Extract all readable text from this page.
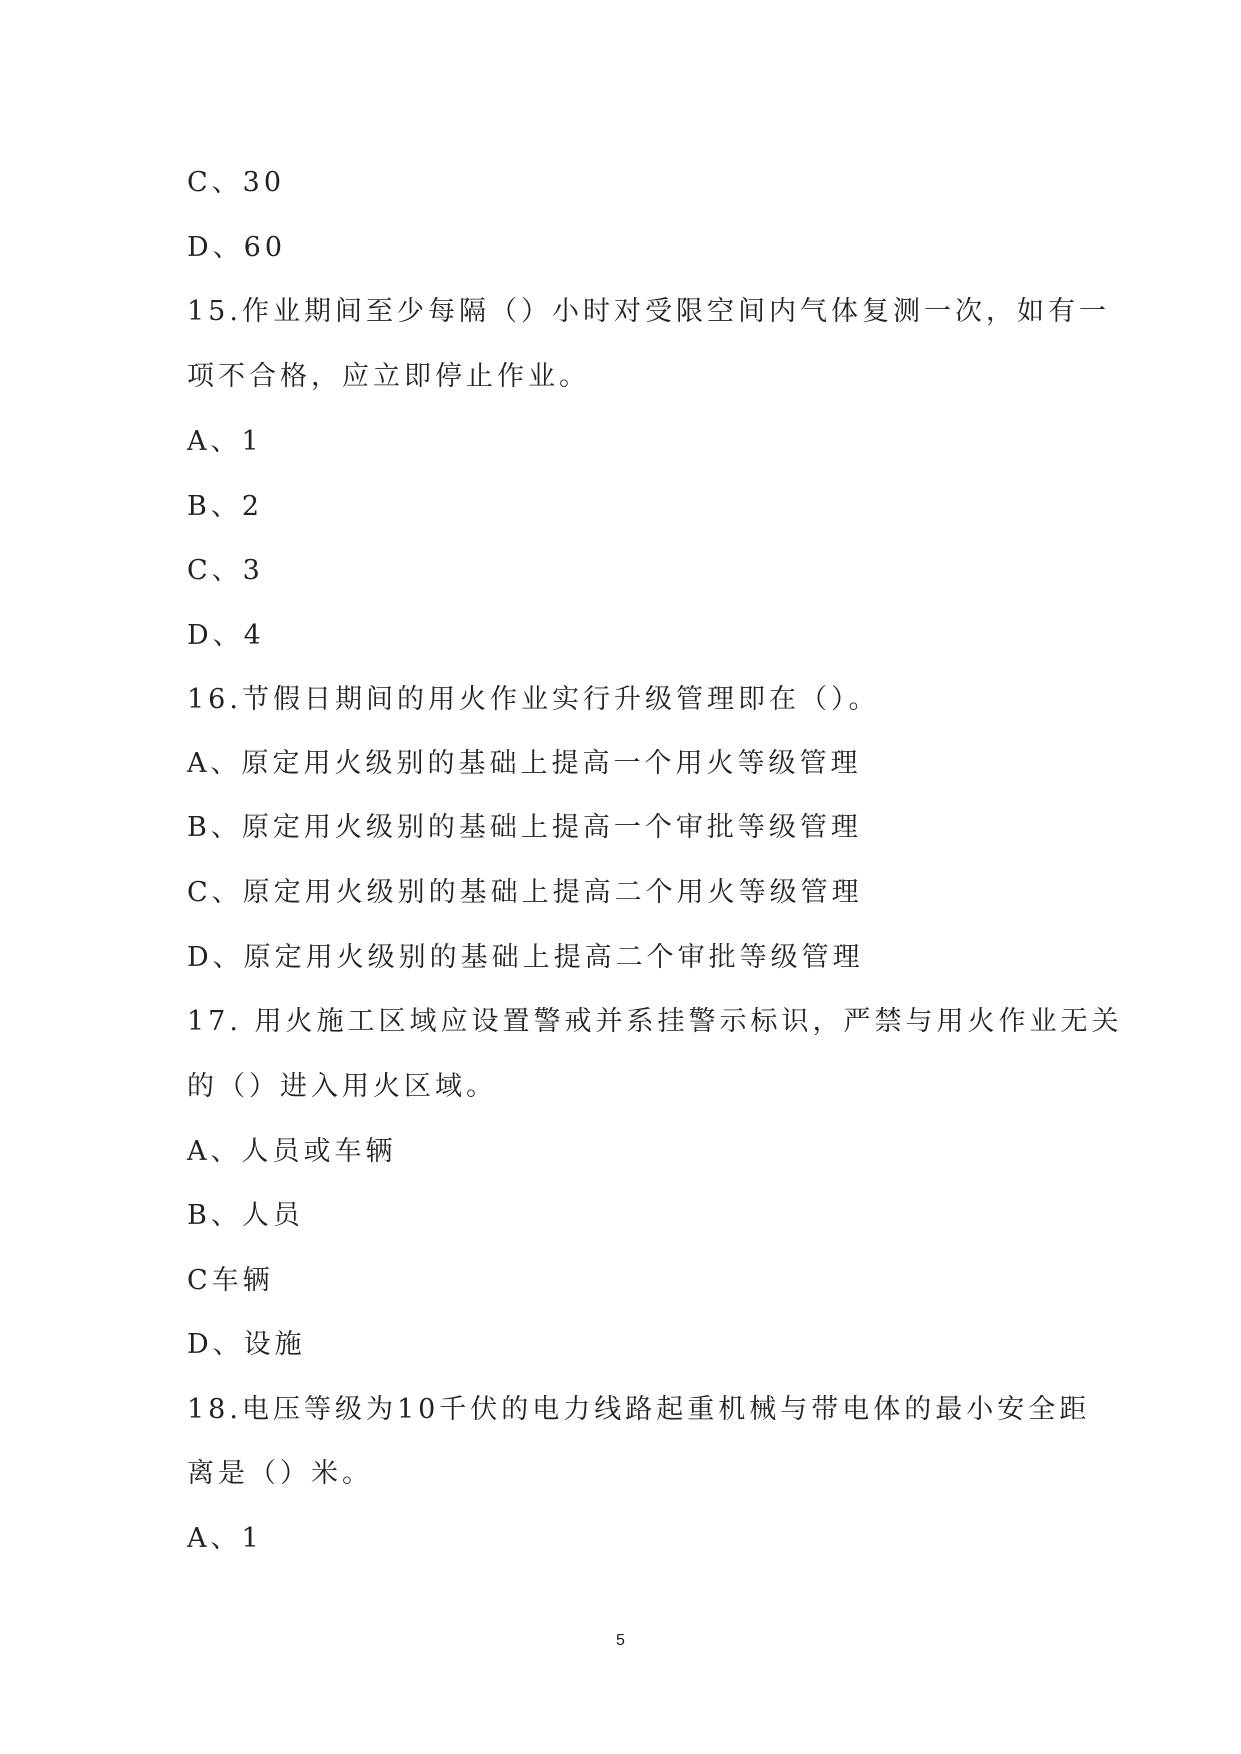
C、30
D、60
15.作业期间至少每隔（）小时对受限空间内气体复测一次，如有一
项不合格，应立即停止作业。
A、1
B、2
C、3
D、4
16.节假日期间的用火作业实行升级管理即在（）。
A、原定用火级别的基础上提高一个用火等级管理
B、原定用火级别的基础上提高一个审批等级管理
C、原定用火级别的基础上提高二个用火等级管理
D、原定用火级别的基础上提高二个审批等级管理
17. 用火施工区域应设置警戒并系挂警示标识，严禁与用火作业无关
的（）进入用火区域。
A、人员或车辆
B、人员
C车辆
D、设施
18.电压等级为10千伏的电力线路起重机械与带电体的最小安全距
离是（）米。
A、1
5
